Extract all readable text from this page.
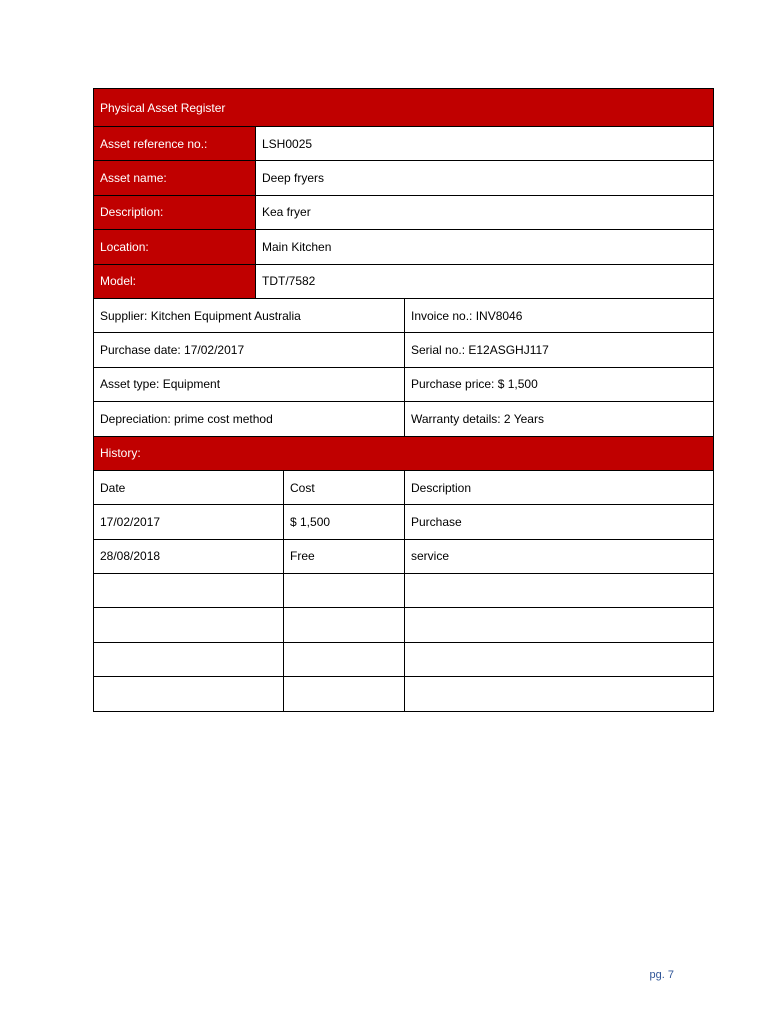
Physical Asset Register			
Asset reference no.:	LSH0025		
Asset name:	Deep fryers		
Description:	Kea fryer		
Location:	Main Kitchen		
Model:	TDT/7582		
Supplier: Kitchen Equipment Australia			Invoice no.: INV8046
Purchase date: 17/02/2017			Serial no.: E12ASGHJ117
Asset type: Equipment			Purchase price: $ 1,500
Depreciation: prime cost method			Warranty details: 2 Years
History:			
Date		Cost	Description
17/02/2017		$ 1,500	Purchase
28/08/2018		Free	service

pg. 7
